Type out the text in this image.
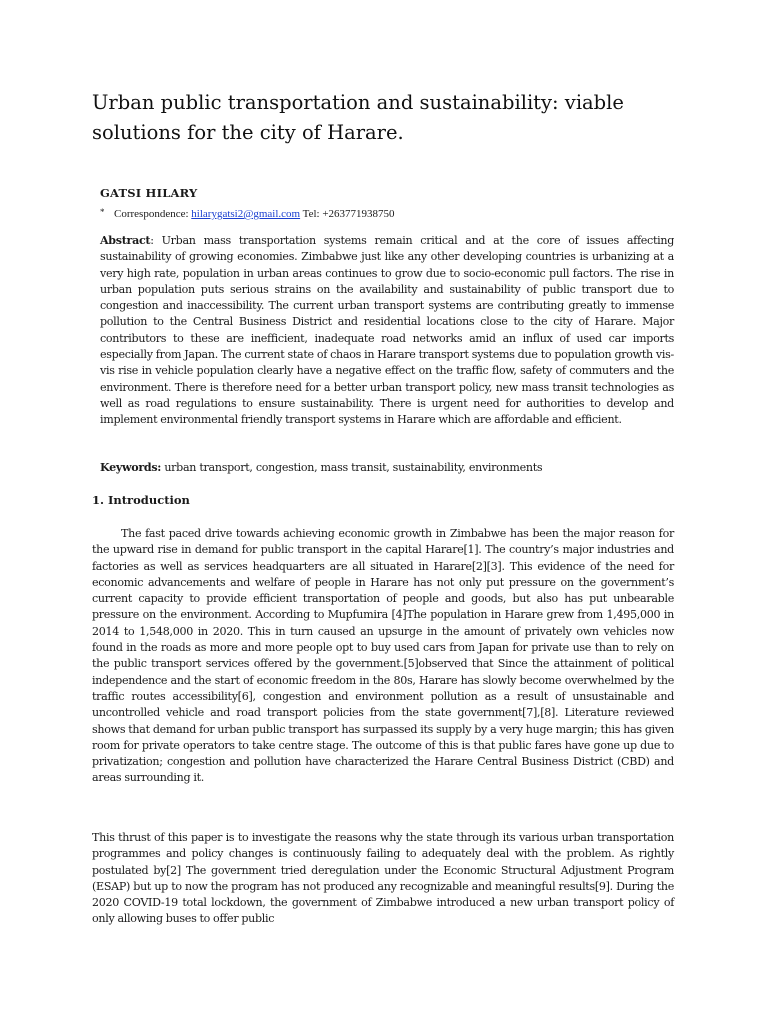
Urban public transportation and sustainability: viable solutions for the city of Harare.

GATSI HILARY

* Correspondence: hilarygatsi2@gmail.com Tel: +263771938750

Abstract: Urban mass transportation systems remain critical and at the core of issues affecting sustainability of growing economies. Zimbabwe just like any other developing countries is urbanizing at a very high rate, population in urban areas continues to grow due to socio-economic pull factors. The rise in urban population puts serious strains on the availability and sustainability of public transport due to congestion and inaccessibility. The current urban transport systems are contributing greatly to immense pollution to the Central Business District and residential locations close to the city of Harare. Major contributors to these are inefficient, inadequate road networks amid an influx of used car imports especially from Japan. The current state of chaos in Harare transport systems due to population growth vis-vis rise in vehicle population clearly have a negative effect on the traffic flow, safety of commuters and the environment. There is therefore need for a better urban transport policy, new mass transit technologies as well as road regulations to ensure sustainability. There is urgent need for authorities to develop and implement environmental friendly transport systems in Harare which are affordable and efficient.

Keywords: urban transport, congestion, mass transit, sustainability, environments

1. Introduction

The fast paced drive towards achieving economic growth in Zimbabwe has been the major reason for the upward rise in demand for public transport in the capital Harare[1]. The country’s major industries and factories as well as services headquarters are all situated in Harare[2][3]. This evidence of the need for economic advancements and welfare of people in Harare has not only put pressure on the government’s current capacity to provide efficient transportation of people and goods, but also has put unbearable pressure on the environment. According to Mupfumira [4]The population in Harare grew from 1,495,000 in 2014 to 1,548,000 in 2020. This in turn caused an upsurge in the amount of privately own vehicles now found in the roads as more and more people opt to buy used cars from Japan for private use than to rely on the public transport services offered by the government.[5]observed that Since the attainment of political independence and the start of economic freedom in the 80s, Harare has slowly become overwhelmed by the traffic routes accessibility[6], congestion and environment pollution as a result of unsustainable and uncontrolled vehicle and road transport policies from the state government[7],[8]. Literature reviewed shows that demand for urban public transport has surpassed its supply by a very huge margin; this has given room for private operators to take centre stage. The outcome of this is that public fares have gone up due to privatization; congestion and pollution have characterized the Harare Central Business District (CBD) and areas surrounding it.

This thrust of this paper is to investigate the reasons why the state through its various urban transportation programmes and policy changes is continuously failing to adequately deal with the problem. As rightly postulated by[2] The government tried deregulation under the Economic Structural Adjustment Program (ESAP) but up to now the program has not produced any recognizable and meaningful results[9]. During the 2020 COVID-19 total lockdown, the government of Zimbabwe introduced a new urban transport policy of only allowing buses to offer public
